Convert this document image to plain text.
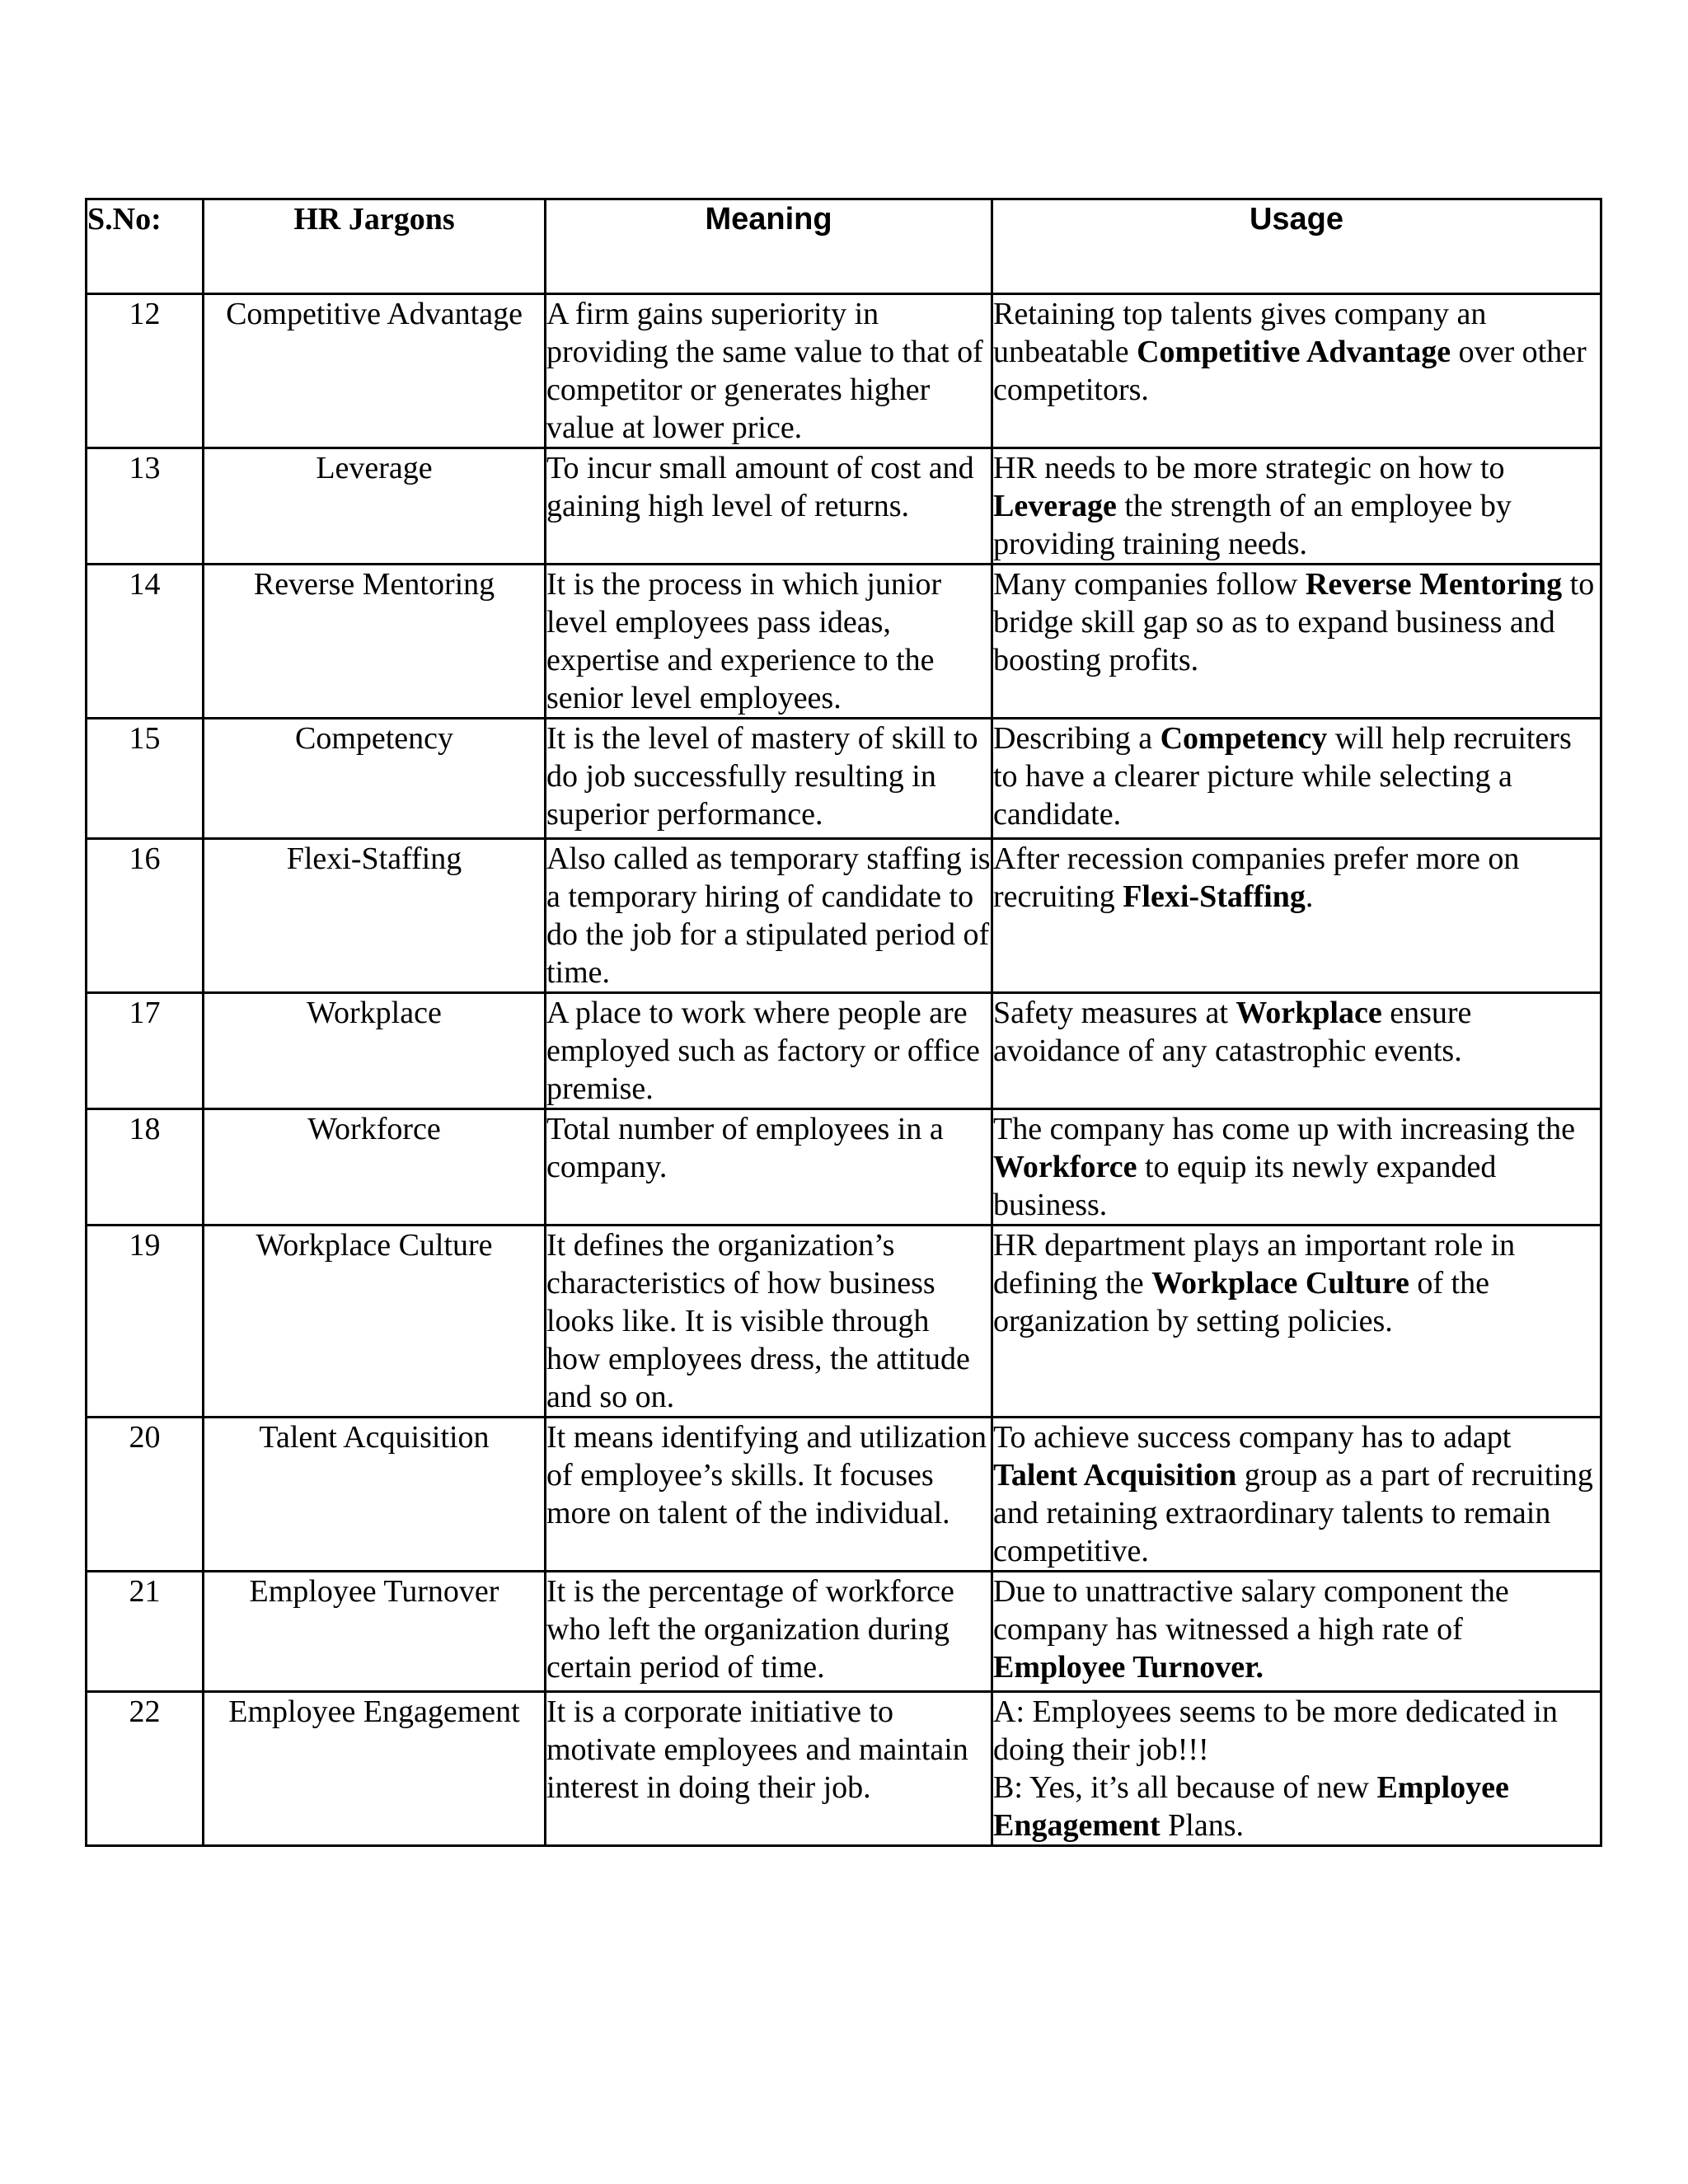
S.No:	HR Jargons	Meaning	Usage
12	Competitive Advantage	A firm gains superiority in providing the same value to that of competitor or generates higher value at lower price.	Retaining top talents gives company an unbeatable Competitive Advantage over other competitors.
13	Leverage	To incur small amount of cost and gaining high level of returns.	HR needs to be more strategic on how to Leverage the strength of an employee by providing training needs.
14	Reverse Mentoring	It is the process in which junior level employees pass ideas, expertise and experience to the senior level employees.	Many companies follow Reverse Mentoring to bridge skill gap so as to expand business and boosting profits.
15	Competency	It is the level of mastery of skill to do job successfully resulting in superior performance.	Describing a Competency will help recruiters to have a clearer picture while selecting a candidate.
16	Flexi-Staffing	Also called as temporary staffing is a temporary hiring of candidate to do the job for a stipulated period of time.	After recession companies prefer more on recruiting Flexi-Staffing.
17	Workplace	A place to work where people are employed such as factory or office premise.	Safety measures at Workplace ensure avoidance of any catastrophic events.
18	Workforce	Total number of employees in a company.	The company has come up with increasing the Workforce to equip its newly expanded business.
19	Workplace Culture	It defines the organization’s characteristics of how business looks like. It is visible through how employees dress, the attitude and so on.	HR department plays an important role in defining the Workplace Culture of the organization by setting policies.
20	Talent Acquisition	It means identifying and utilization of employee’s skills. It focuses more on talent of the individual.	To achieve success company has to adapt Talent Acquisition group as a part of recruiting and retaining extraordinary talents to remain competitive.
21	Employee Turnover	It is the percentage of workforce who left the organization during certain period of time.	Due to unattractive salary component the company has witnessed a high rate of Employee Turnover.
22	Employee Engagement	It is a corporate initiative to motivate employees and maintain interest in doing their job.	A: Employees seems to be more dedicated in doing their job!!!
B: Yes, it’s all because of new Employee Engagement Plans.
